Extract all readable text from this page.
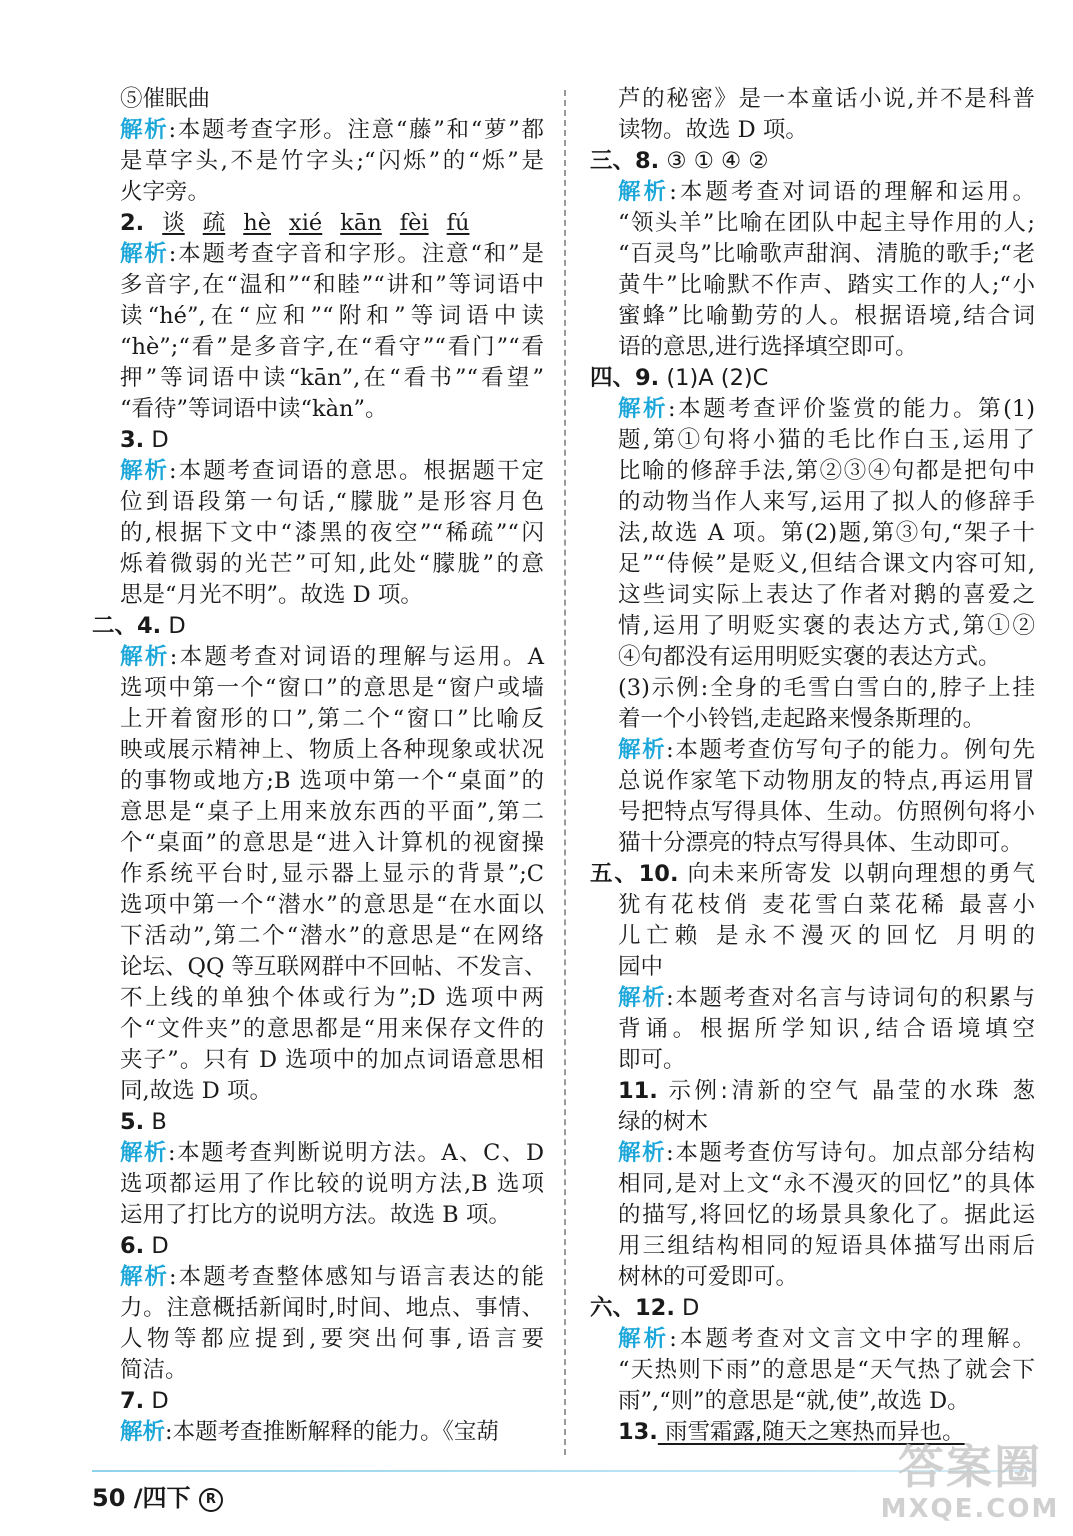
⑤催眠曲
解析:本题考查字形。注意“藤”和“萝”都
是草字头,不是竹字头;“闪烁”的“烁”是
火字旁。
2. 谈 疏 hè xié kān fèi fú
解析:本题考查字音和字形。注意“和”是
多音字,在“温和”“和睦”“讲和”等词语中
读“hé”,在“应和”“附和”等词语中读
“hè”;“看”是多音字,在“看守”“看门”“看
押”等词语中读“kān”,在“看书”“看望”
“看待”等词语中读“kàn”。
3. D
解析:本题考查词语的意思。根据题干定
位到语段第一句话,“朦胧”是形容月色
的,根据下文中“漆黑的夜空”“稀疏”“闪
烁着微弱的光芒”可知,此处“朦胧”的意
思是“月光不明”。故选 D 项。
二、4. D
解析:本题考查对词语的理解与运用。A
选项中第一个“窗口”的意思是“窗户或墙
上开着窗形的口”,第二个“窗口”比喻反
映或展示精神上、物质上各种现象或状况
的事物或地方;B 选项中第一个“桌面”的
意思是“桌子上用来放东西的平面”,第二
个“桌面”的意思是“进入计算机的视窗操
作系统平台时,显示器上显示的背景”;C
选项中第一个“潜水”的意思是“在水面以
下活动”,第二个“潜水”的意思是“在网络
论坛、QQ 等互联网群中不回帖、不发言、
不上线的单独个体或行为”;D 选项中两
个“文件夹”的意思都是“用来保存文件的
夹子”。只有 D 选项中的加点词语意思相
同,故选 D 项。
5. B
解析:本题考查判断说明方法。A、C、D
选项都运用了作比较的说明方法,B 选项
运用了打比方的说明方法。故选 B 项。
6. D
解析:本题考查整体感知与语言表达的能
力。注意概括新闻时,时间、地点、事情、
人物等都应提到,要突出何事,语言要
简洁。
7. D
解析:本题考查推断解释的能力。《宝葫
芦的秘密》是一本童话小说,并不是科普
读物。故选 D 项。
三、8. ③ ① ④ ②
解析:本题考查对词语的理解和运用。
“领头羊”比喻在团队中起主导作用的人;
“百灵鸟”比喻歌声甜润、清脆的歌手;“老
黄牛”比喻默不作声、踏实工作的人;“小
蜜蜂”比喻勤劳的人。根据语境,结合词
语的意思,进行选择填空即可。
四、9. (1)A (2)C
解析:本题考查评价鉴赏的能力。第(1)
题,第①句将小猫的毛比作白玉,运用了
比喻的修辞手法,第②③④句都是把句中
的动物当作人来写,运用了拟人的修辞手
法,故选 A 项。第(2)题,第③句,“架子十
足”“侍候”是贬义,但结合课文内容可知,
这些词实际上表达了作者对鹅的喜爱之
情,运用了明贬实褒的表达方式,第①②
④句都没有运用明贬实褒的表达方式。
(3)示例:全身的毛雪白雪白的,脖子上挂
着一个小铃铛,走起路来慢条斯理的。
解析:本题考查仿写句子的能力。例句先
总说作家笔下动物朋友的特点,再运用冒
号把特点写得具体、生动。仿照例句将小
猫十分漂亮的特点写得具体、生动即可。
五、10. 向未来所寄发 以朝向理想的勇气
犹有花枝俏 麦花雪白菜花稀 最喜小
儿亡赖 是永不漫灭的回忆 月明的
园中
解析:本题考查对名言与诗词句的积累与
背诵。根据所学知识,结合语境填空
即可。
11. 示例:清新的空气 晶莹的水珠 葱
绿的树木
解析:本题考查仿写诗句。加点部分结构
相同,是对上文“永不漫灭的回忆”的具体
的描写,将回忆的场景具象化了。据此运
用三组结构相同的短语具体描写出雨后
树林的可爱即可。
六、12. D
解析:本题考查对文言文中字的理解。
“天热则下雨”的意思是“天气热了就会下
雨”,“则”的意思是“就,使”,故选 D。
13. 雨雪霜露,随天之寒热而异也。
50 /四下 R
答案圈
MXQE.COM
